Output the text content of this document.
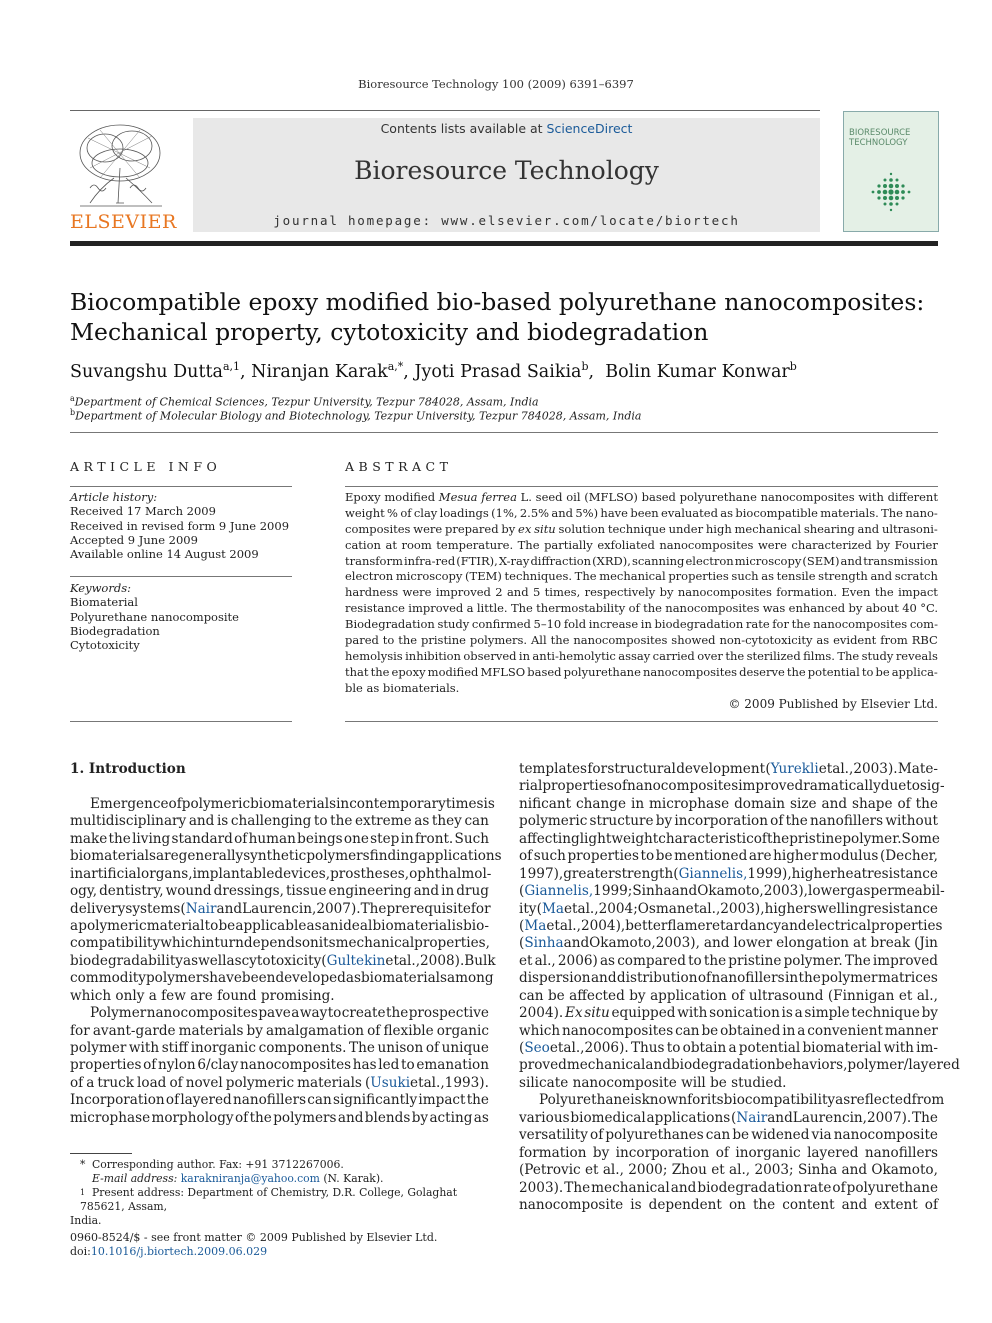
Bioresource Technology 100 (2009) 6391–6397
ELSEVIER
Contents lists available at ScienceDirect
Bioresource Technology
journal homepage: www.elsevier.com/locate/biortech
BIORESOURCE TECHNOLOGY
Biocompatible epoxy modified bio-based polyurethane nanocomposites:
Mechanical property, cytotoxicity and biodegradation
Suvangshu Dutta$^{a,1}$, Niranjan Karak$^{a,*}$, Jyoti Prasad Saikia$^b$,  Bolin Kumar Konwar$^b$
$^a$Department of Chemical Sciences, Tezpur University, Tezpur 784028, Assam, India
$^b$Department of Molecular Biology and Biotechnology, Tezpur University, Tezpur 784028, Assam, India
ARTICLE INFO
Article history:
Received 17 March 2009
Received in revised form 9 June 2009
Accepted 9 June 2009
Available online 14 August 2009
Keywords:
Biomaterial
Polyurethane nanocomposite
Biodegradation
Cytotoxicity
ABSTRACT
Epoxy modified Mesua ferrea L. seed oil (MFLSO) based polyurethane nanocomposites with different
weight % of clay loadings (1%, 2.5% and 5%) have been evaluated as biocompatible materials. The nano-
composites were prepared by ex situ solution technique under high mechanical shearing and ultrasoni-
cation at room temperature. The partially exfoliated nanocomposites were characterized by Fourier
transform infra-red (FTIR), X-ray diffraction (XRD), scanning electron microscopy (SEM) and transmission
electron microscopy (TEM) techniques. The mechanical properties such as tensile strength and scratch
hardness were improved 2 and 5 times, respectively by nanocomposites formation. Even the impact
resistance improved a little. The thermostability of the nanocomposites was enhanced by about 40 °C.
Biodegradation study confirmed 5–10 fold increase in biodegradation rate for the nanocomposites com-
pared to the pristine polymers. All the nanocomposites showed non-cytotoxicity as evident from RBC
hemolysis inhibition observed in anti-hemolytic assay carried over the sterilized films. The study reveals
that the epoxy modified MFLSO based polyurethane nanocomposites deserve the potential to be applica-
ble as biomaterials.
© 2009 Published by Elsevier Ltd.
1. Introduction
Emergence of polymeric biomaterials in contemporary times is
multidisciplinary and is challenging to the extreme as they can
make the living standard of human beings one step in front. Such
biomaterials are generally synthetic polymers finding applications
in artificial organs, implantable devices, prostheses, ophthalmol-
ogy, dentistry, wound dressings, tissue engineering and in drug
delivery systems (NairandLaurencin,2007). The prerequisite for
a polymeric material to be applicable as an ideal biomaterial is bio-
compatibility which in turn depends on its mechanical properties,
biodegradability as well as cytotoxicity (Gultekinetal.,2008). Bulk
commodity polymers have been developed as biomaterials among
which only a few are found promising.
Polymer nanocomposites pave a way to create the prospective
for avant-garde materials by amalgamation of flexible organic
polymer with stiff inorganic components. The unison of unique
properties of nylon 6/clay nanocomposites has led to emanation
of a truck load of novel polymeric materials (Usukietal.,1993).
Incorporation of layered nanofillers can significantly impact the
microphase morphology of the polymers and blends by acting as
templates for structural development (Yureklietal.,2003). Mate-
rial properties of nanocomposites improve dramatically due to sig-
nificant change in microphase domain size and shape of the
polymeric structure by incorporation of the nanofillers without
affecting light weight characteristic of the pristine polymer. Some
of such properties to be mentioned are higher modulus (Decher,
1997), greater strength (Giannelis,1999), higher heat resistance
(Giannelis,1999;SinhaandOkamoto,2003), lower gas permeabil-
ity (Maetal.,2004;Osmanetal.,2003), higher swelling resistance
(Maetal.,2004), better flame retardancy and electrical properties
(SinhaandOkamoto,2003), and lower elongation at break (Jin
et al., 2006) as compared to the pristine polymer. The improved
dispersion and distribution of nanofillers in the polymer matrices
can be affected by application of ultrasound (Finnigan et al.,
2004). Ex situ equipped with sonication is a simple technique by
which nanocomposites can be obtained in a convenient manner
(Seoetal.,2006). Thus to obtain a potential biomaterial with im-
proved mechanical and biodegradation behaviors, polymer/layered
silicate nanocomposite will be studied.
Polyurethane is known for its biocompatibility as reflected from
various biomedical applications (NairandLaurencin,2007). The
versatility of polyurethanes can be widened via nanocomposite
formation by incorporation of inorganic layered nanofillers
(Petrovic et al., 2000; Zhou et al., 2003; Sinha and Okamoto,
2003). The mechanical and biodegradation rate of polyurethane
nanocomposite is dependent on the content and extent of
* Corresponding author. Fax: +91 3712267006.
E-mail address: karakniranja@yahoo.com (N. Karak).
1 Present address: Department of Chemistry, D.R. College, Golaghat 785621, Assam,
India.
0960-8524/$ - see front matter © 2009 Published by Elsevier Ltd.
doi:10.1016/j.biortech.2009.06.029
